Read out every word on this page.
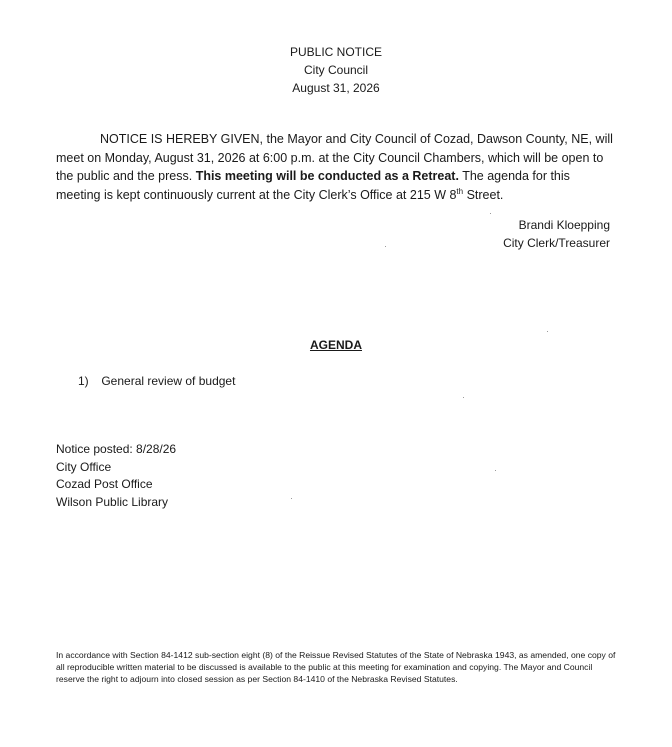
PUBLIC NOTICE
City Council
August 31, 2026
NOTICE IS HEREBY GIVEN, the Mayor and City Council of Cozad, Dawson County, NE, will meet on Monday, August 31, 2026 at 6:00 p.m. at the City Council Chambers, which will be open to the public and the press. This meeting will be conducted as a Retreat. The agenda for this meeting is kept continuously current at the City Clerk’s Office at 215 W 8th Street.
Brandi Kloepping
City Clerk/Treasurer
AGENDA
1) General review of budget
Notice posted: 8/28/26
City Office
Cozad Post Office
Wilson Public Library
In accordance with Section 84-1412 sub-section eight (8) of the Reissue Revised Statutes of the State of Nebraska 1943, as amended, one copy of all reproducible written material to be discussed is available to the public at this meeting for examination and copying. The Mayor and Council reserve the right to adjourn into closed session as per Section 84-1410 of the Nebraska Revised Statutes.
